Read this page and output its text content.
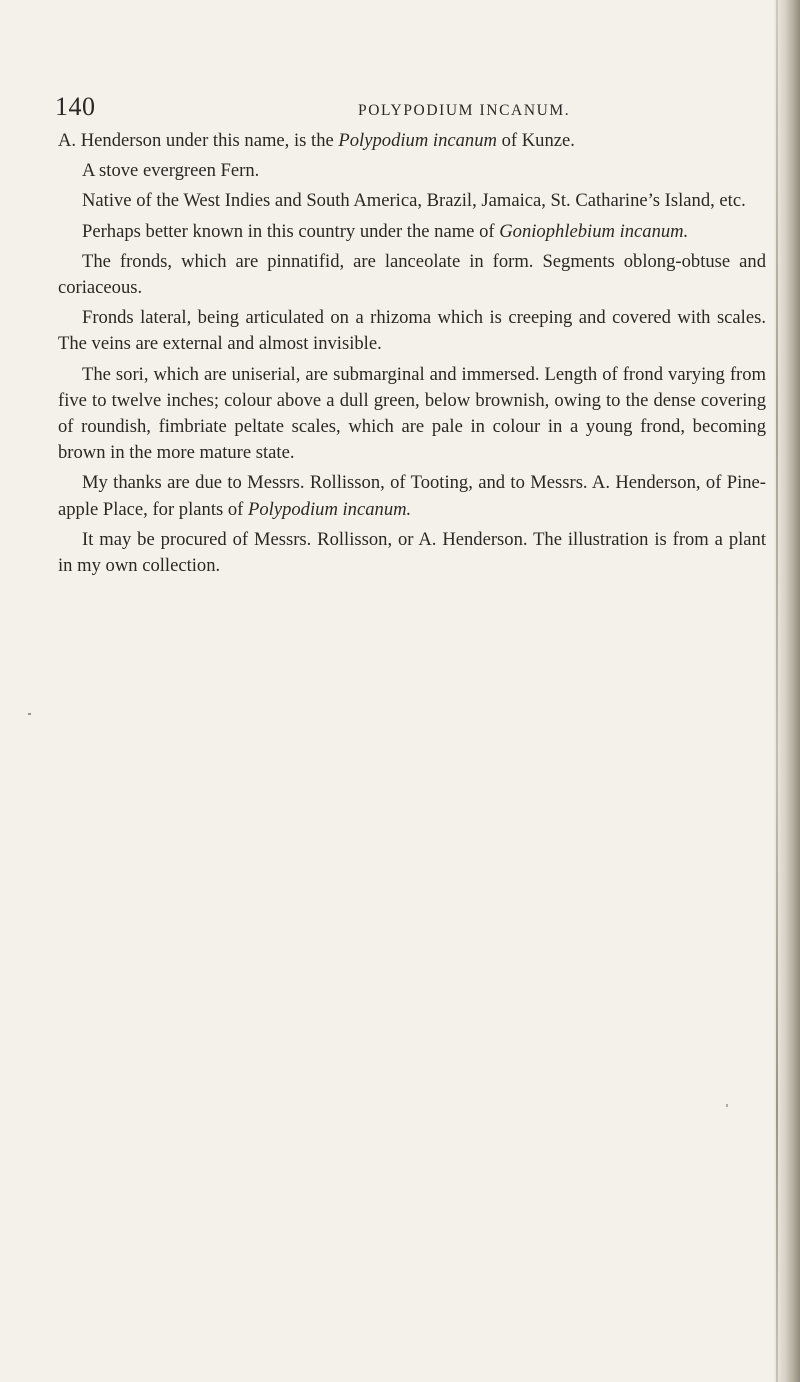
140	POLYPODIUM INCANUM.

A. Henderson under this name, is the Polypodium incanum of Kunze.

A stove evergreen Fern.

Native of the West Indies and South America, Brazil, Jamaica, St. Catharine’s Island, etc.

Perhaps better known in this country under the name of Goniophlebium incanum.

The fronds, which are pinnatifid, are lanceolate in form. Segments oblong-obtuse and coriaceous.

Fronds lateral, being articulated on a rhizoma which is creeping and covered with scales. The veins are external and almost invisible.

The sori, which are uniserial, are submarginal and immersed. Length of frond varying from five to twelve inches; colour above a dull green, below brownish, owing to the dense covering of roundish, fimbriate peltate scales, which are pale in colour in a young frond, becoming brown in the more mature state.

My thanks are due to Messrs. Rollisson, of Tooting, and to Messrs. A. Henderson, of Pine-apple Place, for plants of Polypodium incanum.

It may be procured of Messrs. Rollisson, or A. Henderson. The illustration is from a plant in my own collection.
